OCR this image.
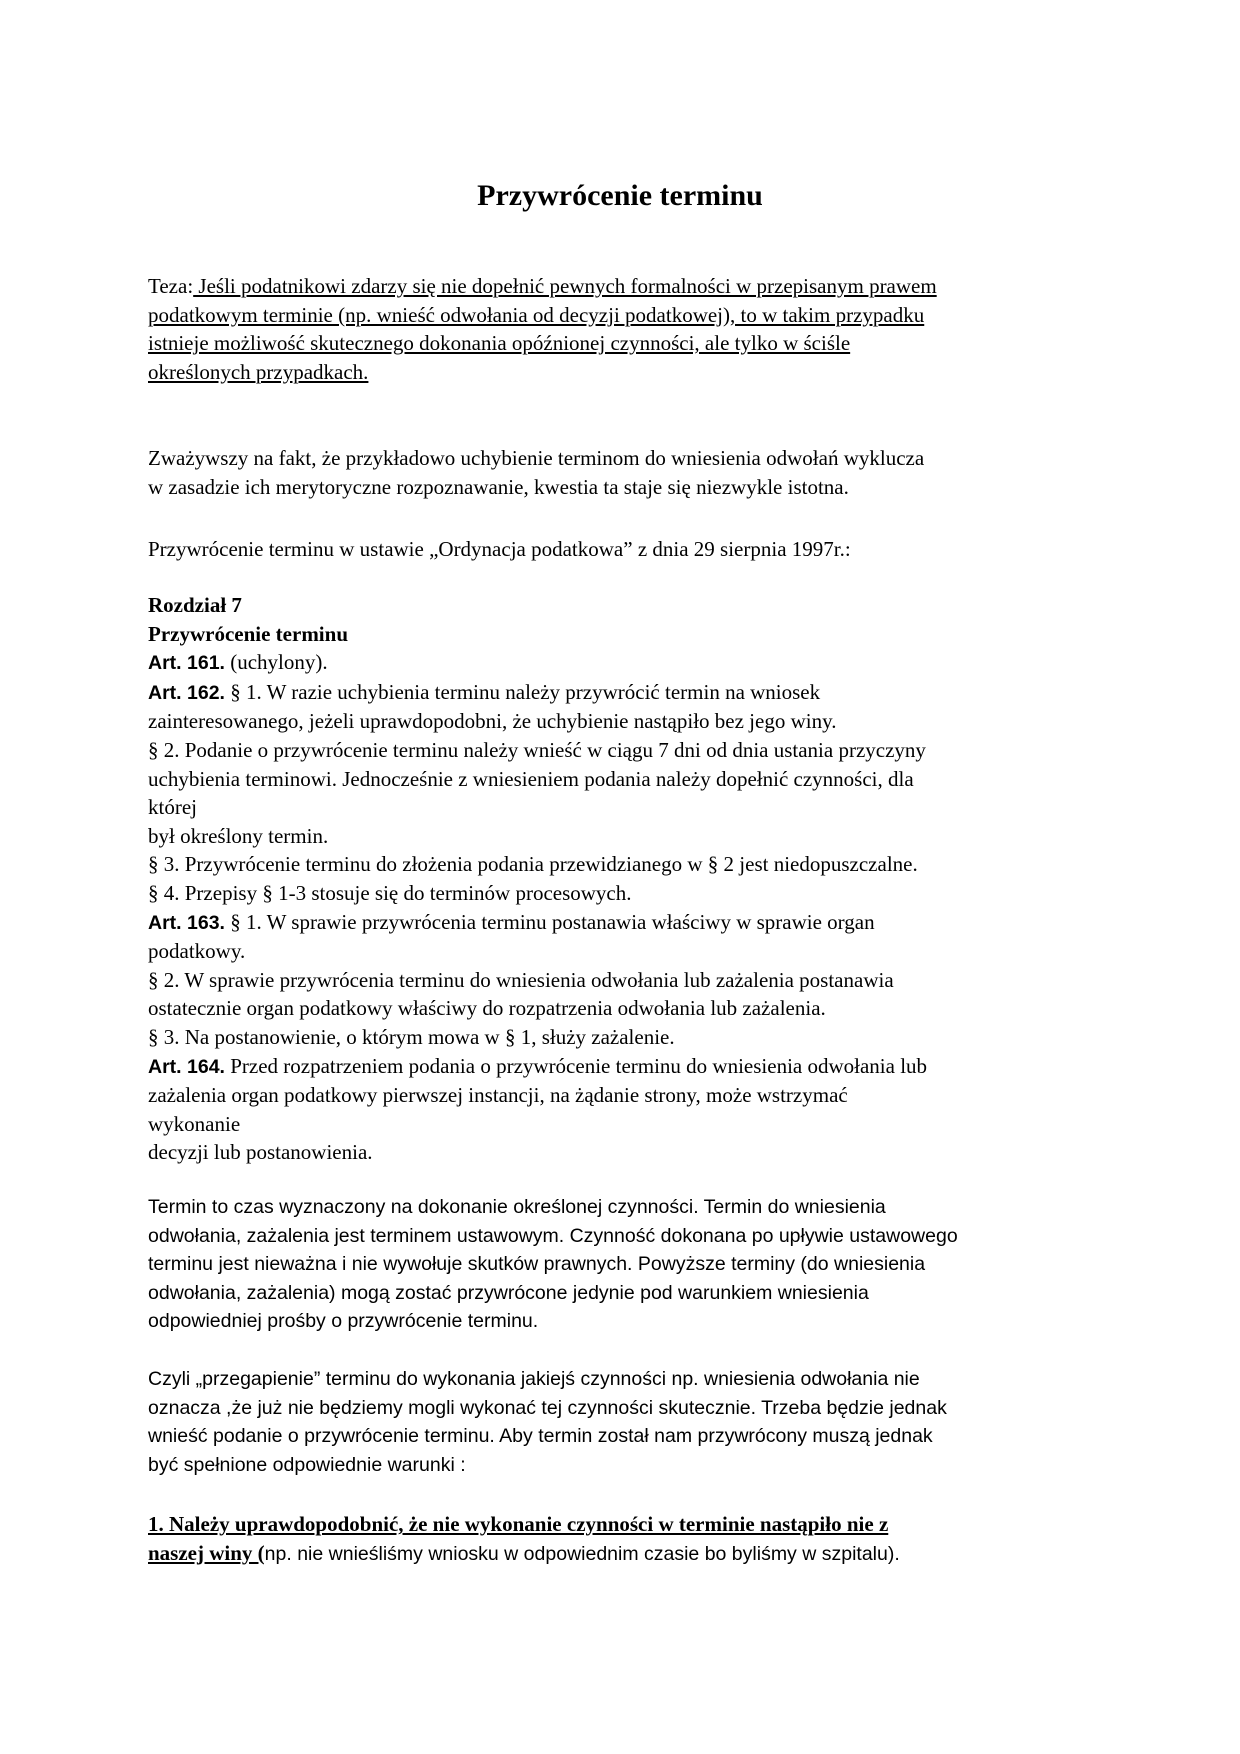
Przywrócenie terminu
Teza: Jeśli podatnikowi zdarzy się nie dopełnić pewnych formalności w przepisanym prawem
podatkowym terminie (np. wnieść odwołania od decyzji podatkowej), to w takim przypadku
istnieje możliwość skutecznego dokonania opóźnionej czynności, ale tylko w ściśle
określonych przypadkach.
Zważywszy na fakt, że przykładowo uchybienie terminom do wniesienia odwołań wyklucza
w zasadzie ich merytoryczne rozpoznawanie, kwestia ta staje się niezwykle istotna.
Przywrócenie terminu w ustawie „Ordynacja podatkowa” z dnia 29 sierpnia 1997r.:
Rozdział 7
Przywrócenie terminu
Art. 161. (uchylony).
Art. 162. § 1. W razie uchybienia terminu należy przywrócić termin na wniosek
zainteresowanego, jeżeli uprawdopodobni, że uchybienie nastąpiło bez jego winy.
§ 2. Podanie o przywrócenie terminu należy wnieść w ciągu 7 dni od dnia ustania przyczyny
uchybienia terminowi. Jednocześnie z wniesieniem podania należy dopełnić czynności, dla
której
był określony termin.
§ 3. Przywrócenie terminu do złożenia podania przewidzianego w § 2 jest niedopuszczalne.
§ 4. Przepisy § 1-3 stosuje się do terminów procesowych.
Art. 163. § 1. W sprawie przywrócenia terminu postanawia właściwy w sprawie organ
podatkowy.
§ 2. W sprawie przywrócenia terminu do wniesienia odwołania lub zażalenia postanawia
ostatecznie organ podatkowy właściwy do rozpatrzenia odwołania lub zażalenia.
§ 3. Na postanowienie, o którym mowa w § 1, służy zażalenie.
Art. 164. Przed rozpatrzeniem podania o przywrócenie terminu do wniesienia odwołania lub
zażalenia organ podatkowy pierwszej instancji, na żądanie strony, może wstrzymać
wykonanie
decyzji lub postanowienia.
Termin to czas wyznaczony na dokonanie określonej czynności. Termin do wniesienia
odwołania, zażalenia jest terminem ustawowym. Czynność dokonana po upływie ustawowego
terminu jest nieważna i nie wywołuje skutków prawnych. Powyższe terminy (do wniesienia
odwołania, zażalenia) mogą zostać przywrócone jedynie pod warunkiem wniesienia
odpowiedniej prośby o przywrócenie terminu.
Czyli „przegapienie” terminu do wykonania jakiejś czynności np. wniesienia odwołania nie
oznacza ,że już nie będziemy mogli wykonać tej czynności skutecznie. Trzeba będzie jednak
wnieść podanie o przywrócenie terminu. Aby termin został nam przywrócony muszą jednak
być spełnione odpowiednie warunki :
1. Należy uprawdopodobnić, że nie wykonanie czynności w terminie nastąpiło nie z
naszej winy (np. nie wnieśliśmy wniosku w odpowiednim czasie bo byliśmy w szpitalu).
